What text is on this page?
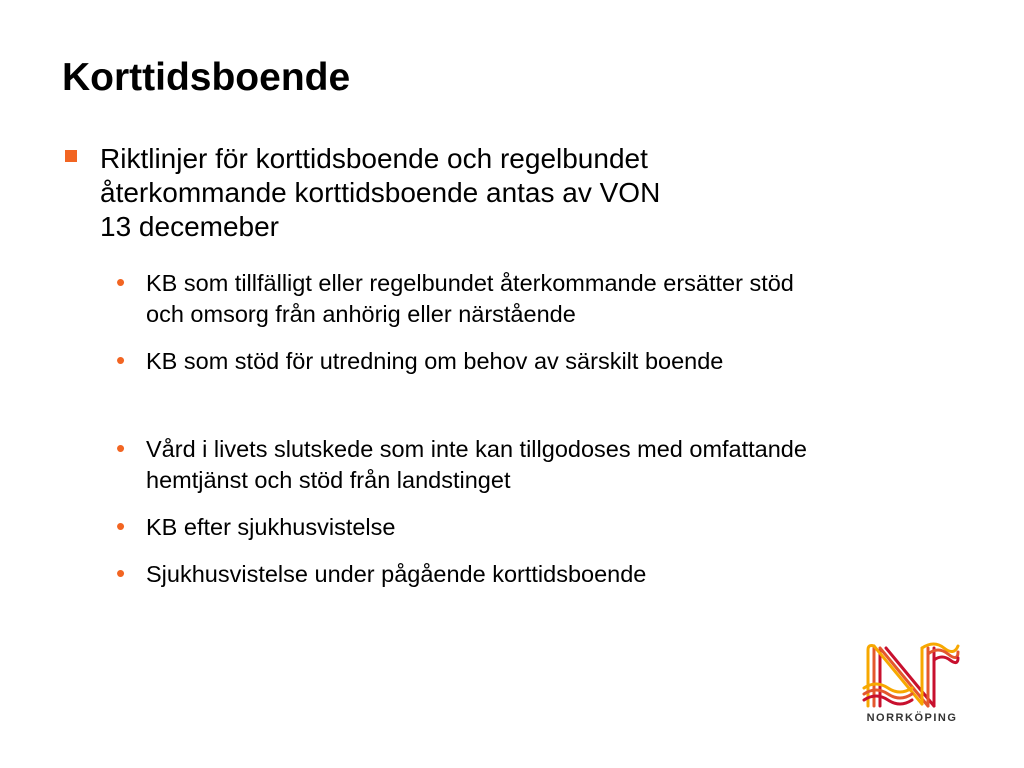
Korttidsboende
Riktlinjer för korttidsboende och regelbundet
återkommande korttidsboende antas av VON
13 decemeber
• KB som tillfälligt eller regelbundet återkommande ersätter stöd
och omsorg från anhörig eller närstående
• KB som stöd för utredning om behov av särskilt boende
• Vård i livets slutskede som inte kan tillgodoses med omfattande
hemtjänst och stöd från landstinget
• KB efter sjukhusvistelse
• Sjukhusvistelse under pågående korttidsboende
NORRKÖPING
